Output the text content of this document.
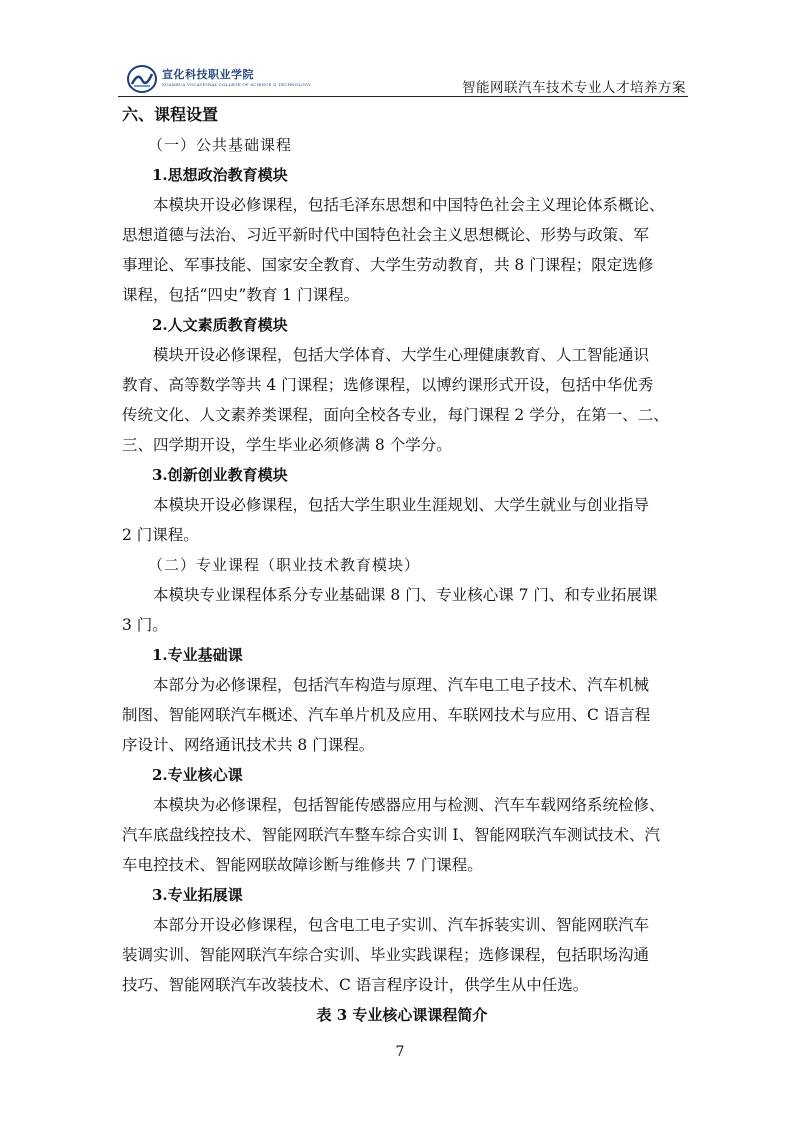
宣化科技职业学院
XUANHUA VOCATIONAL COLLEGE OF SCIENCE & TECHNOLOGY	智能网联汽车技术专业人才培养方案

六、课程设置

（一）公共基础课程

1.思想政治教育模块

本模块开设必修课程，包括毛泽东思想和中国特色社会主义理论体系概论、
思想道德与法治、习近平新时代中国特色社会主义思想概论、形势与政策、军
事理论、军事技能、国家安全教育、大学生劳动教育，共 8 门课程；限定选修
课程，包括“四史”教育 1 门课程。

2.人文素质教育模块

模块开设必修课程，包括大学体育、大学生心理健康教育、人工智能通识
教育、高等数学等共 4 门课程；选修课程，以博约课形式开设，包括中华优秀
传统文化、人文素养类课程，面向全校各专业，每门课程 2 学分，在第一、二、
三、四学期开设，学生毕业必须修满 8 个学分。

3.创新创业教育模块

本模块开设必修课程，包括大学生职业生涯规划、大学生就业与创业指导
2 门课程。

（二）专业课程（职业技术教育模块）

本模块专业课程体系分专业基础课 8 门、专业核心课 7 门、和专业拓展课
3 门。

1.专业基础课

本部分为必修课程，包括汽车构造与原理、汽车电工电子技术、汽车机械
制图、智能网联汽车概述、汽车单片机及应用、车联网技术与应用、C 语言程
序设计、网络通讯技术共 8 门课程。

2.专业核心课

本模块为必修课程，包括智能传感器应用与检测、汽车车载网络系统检修、
汽车底盘线控技术、智能网联汽车整车综合实训 I、智能网联汽车测试技术、汽
车电控技术、智能网联故障诊断与维修共 7 门课程。

3.专业拓展课

本部分开设必修课程，包含电工电子实训、汽车拆装实训、智能网联汽车
装调实训、智能网联汽车综合实训、毕业实践课程；选修课程，包括职场沟通
技巧、智能网联汽车改装技术、C 语言程序设计，供学生从中任选。

表 3 专业核心课课程简介

7
